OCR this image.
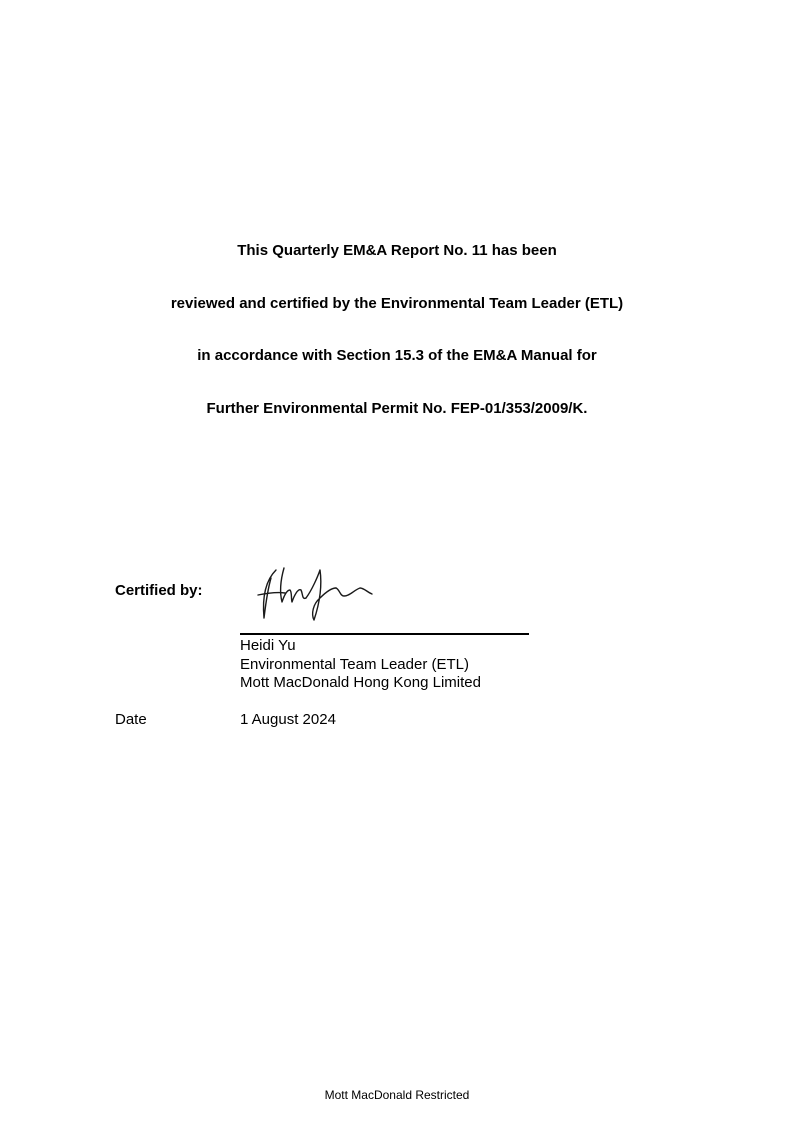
This Quarterly EM&A Report No. 11 has been
reviewed and certified by the Environmental Team Leader (ETL)
in accordance with Section 15.3 of the EM&A Manual for
Further Environmental Permit No. FEP-01/353/2009/K.
Certified by:
Heidi Yu
Environmental Team Leader (ETL)
Mott MacDonald Hong Kong Limited
Date	1 August 2024
Mott MacDonald Restricted
